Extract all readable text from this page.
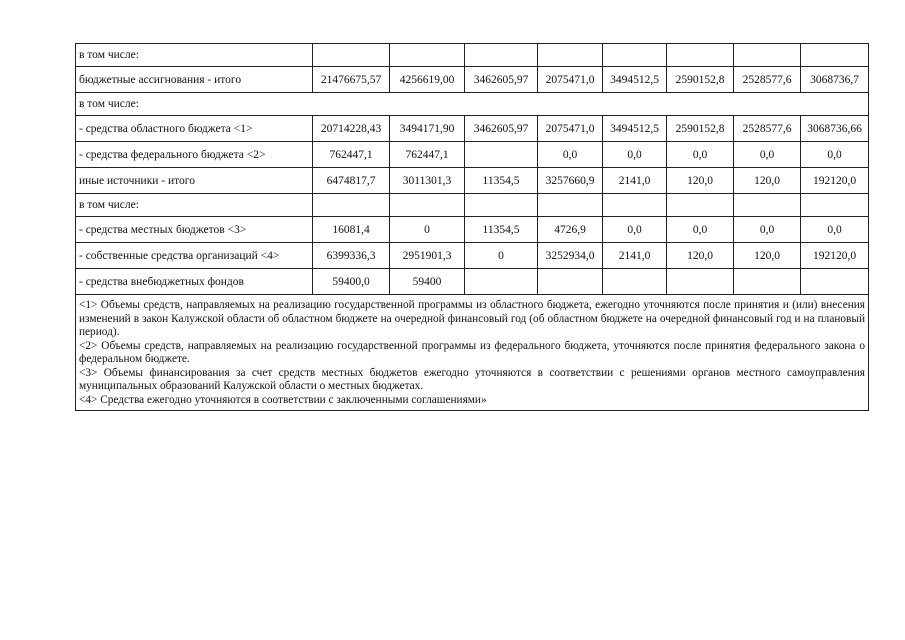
в том числе:								
бюджетные ассигнования - итого	21476675,57	4256619,00	3462605,97	2075471,0	3494512,5	2590152,8	2528577,6	3068736,7
в том числе:								
- средства областного бюджета <1>	20714228,43	3494171,90	3462605,97	2075471,0	3494512,5	2590152,8	2528577,6	3068736,66
- средства федерального бюджета <2>	762447,1	762447,1		0,0	0,0	0,0	0,0	0,0
иные источники - итого	6474817,7	3011301,3	11354,5	3257660,9	2141,0	120,0	120,0	192120,0
в том числе:								
- средства местных бюджетов <3>	16081,4	0	11354,5	4726,9	0,0	0,0	0,0	0,0
- собственные средства организаций <4>	6399336,3	2951901,3	0	3252934,0	2141,0	120,0	120,0	192120,0
- средства внебюджетных фондов	59400,0	59400						

<1> Объемы средств, направляемых на реализацию государственной программы из областного бюджета, ежегодно уточняются после принятия и (или) внесения изменений в закон Калужской области об областном бюджете на очередной финансовый год (об областном бюджете на очередной финансовый год и на плановый период).

<2> Объемы средств, направляемых на реализацию государственной программы из федерального бюджета, уточняются после принятия федерального закона о федеральном бюджете.

<3> Объемы финансирования за счет средств местных бюджетов ежегодно уточняются в соответствии с решениями органов местного самоуправления муниципальных образований Калужской области о местных бюджетах.

<4> Средства ежегодно уточняются в соответствии с заключенными соглашениями»								
